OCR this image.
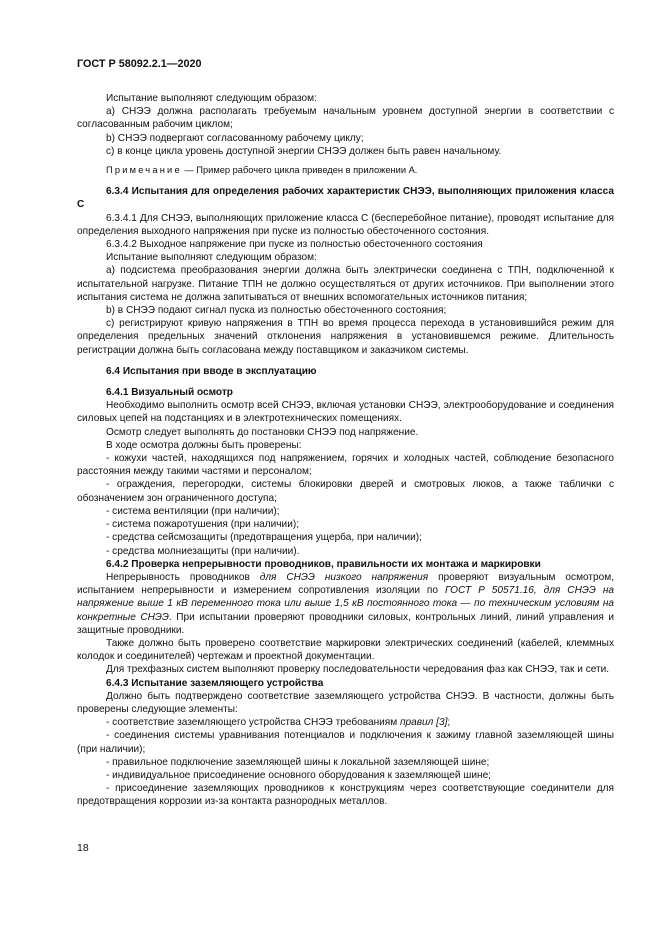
ГОСТ Р 58092.2.1—2020

Испытание выполняют следующим образом:

а) СНЭЭ должна располагать требуемым начальным уровнем доступной энергии в соответствии с согласованным рабочим циклом;

b) СНЭЭ подвергают согласованному рабочему циклу;

с) в конце цикла уровень доступной энергии СНЭЭ должен быть равен начальному.

Примечание — Пример рабочего цикла приведен в приложении А.

6.3.4 Испытания для определения рабочих характеристик СНЭЭ, выполняющих приложения класса С

6.3.4.1 Для СНЭЭ, выполняющих приложение класса С (бесперебойное питание), проводят испытание для определения выходного напряжения при пуске из полностью обесточенного состояния.

6.3.4.2 Выходное напряжение при пуске из полностью обесточенного состояния

Испытание выполняют следующим образом:

а) подсистема преобразования энергии должна быть электрически соединена с ТПН, подключенной к испытательной нагрузке. Питание ТПН не должно осуществляться от других источников. При выполнении этого испытания система не должна запитываться от внешних вспомогательных источников питания;

b) в СНЭЭ подают сигнал пуска из полностью обесточенного состояния;

с) регистрируют кривую напряжения в ТПН во время процесса перехода в установившийся режим для определения предельных значений отклонения напряжения в установившемся режиме. Длительность регистрации должна быть согласована между поставщиком и заказчиком системы.

6.4 Испытания при вводе в эксплуатацию

6.4.1 Визуальный осмотр

Необходимо выполнить осмотр всей СНЭЭ, включая установки СНЭЭ, электрооборудование и соединения силовых цепей на подстанциях и в электротехнических помещениях.

Осмотр следует выполнять до постановки СНЭЭ под напряжение.

В ходе осмотра должны быть проверены:

- кожухи частей, находящихся под напряжением, горячих и холодных частей, соблюдение безопасного расстояния между такими частями и персоналом;

- ограждения, перегородки, системы блокировки дверей и смотровых люков, а также таблички с обозначением зон ограниченного доступа;

- система вентиляции (при наличии);

- система пожаротушения (при наличии);

- средства сейсмозащиты (предотвращения ущерба, при наличии);

- средства молниезащиты (при наличии).

6.4.2 Проверка непрерывности проводников, правильности их монтажа и маркировки

Непрерывность проводников для СНЭЭ низкого напряжения проверяют визуальным осмотром, испытанием непрерывности и измерением сопротивления изоляции по ГОСТ Р 50571.16, для СНЭЭ на напряжение выше 1 кВ переменного тока или выше 1,5 кВ постоянного тока — по техническим условиям на конкретные СНЭЭ. При испытании проверяют проводники силовых, контрольных линий, линий управления и защитные проводники.

Также должно быть проверено соответствие маркировки электрических соединений (кабелей, клеммных колодок и соединителей) чертежам и проектной документации.

Для трехфазных систем выполняют проверку последовательности чередования фаз как СНЭЭ, так и сети.

6.4.3 Испытание заземляющего устройства

Должно быть подтверждено соответствие заземляющего устройства СНЭЭ. В частности, должны быть проверены следующие элементы:

- соответствие заземляющего устройства СНЭЭ требованиям правил [3];

- соединения системы уравнивания потенциалов и подключения к зажиму главной заземляющей шины (при наличии);

- правильное подключение заземляющей шины к локальной заземляющей шине;

- индивидуальное присоединение основного оборудования к заземляющей шине;

- присоединение заземляющих проводников к конструкциям через соответствующие соединители для предотвращения коррозии из-за контакта разнородных металлов.

18
